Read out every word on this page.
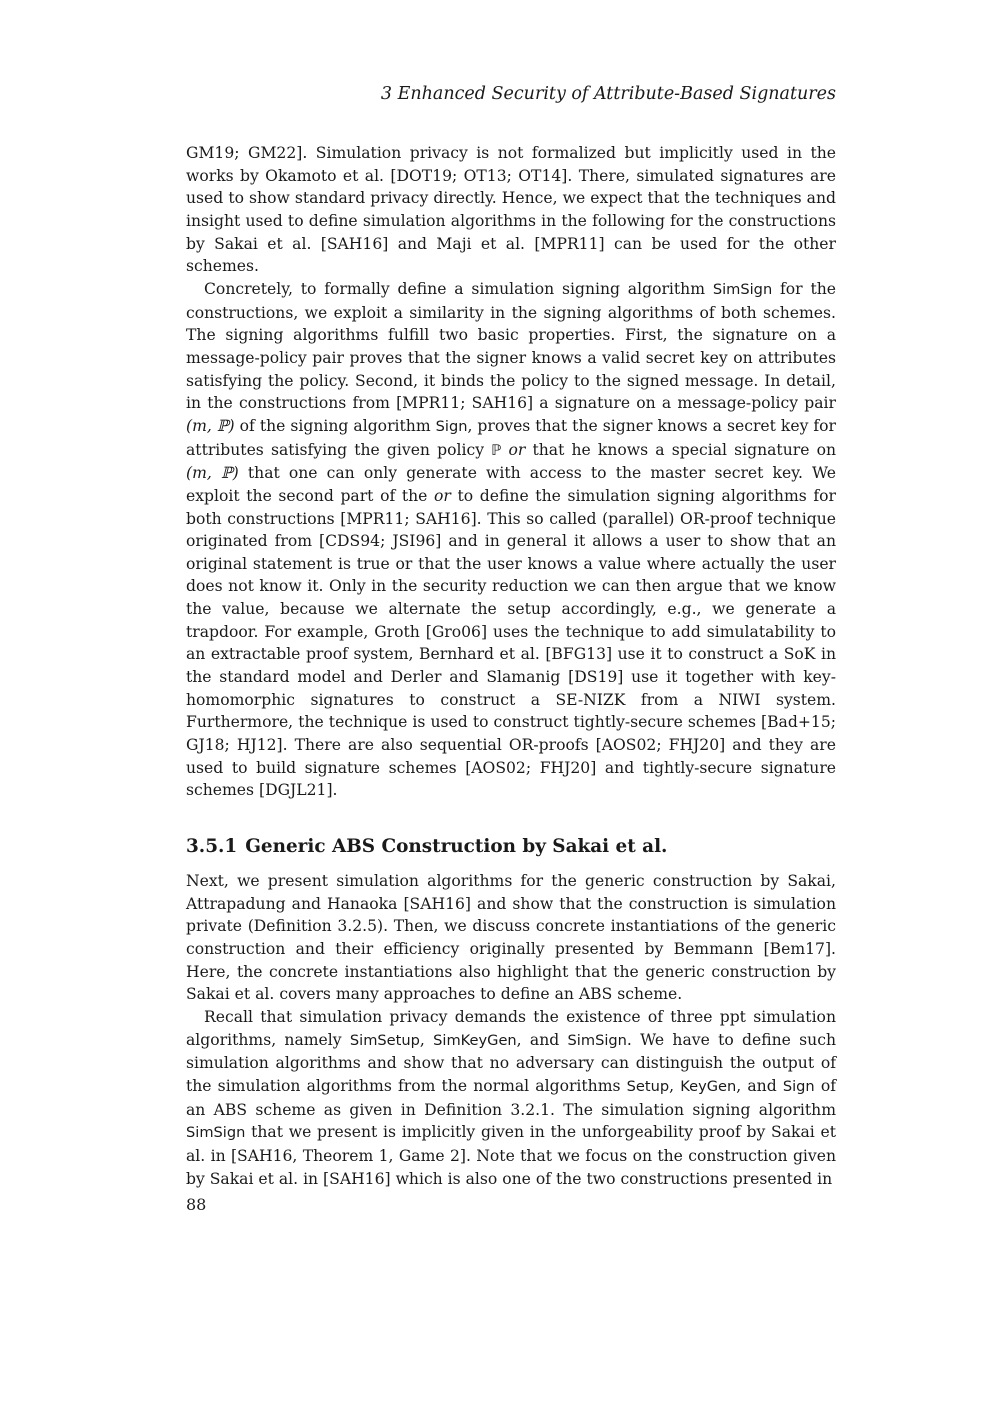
3 Enhanced Security of Attribute-Based Signatures

GM19; GM22]. Simulation privacy is not formalized but implicitly used in the works by Okamoto et al. [DOT19; OT13; OT14]. There, simulated signatures are used to show standard privacy directly. Hence, we expect that the techniques and insight used to define simulation algorithms in the following for the constructions by Sakai et al. [SAH16] and Maji et al. [MPR11] can be used for the other schemes.

Concretely, to formally define a simulation signing algorithm SimSign for the constructions, we exploit a similarity in the signing algorithms of both schemes. The signing algorithms fulfill two basic properties. First, the signature on a message-policy pair proves that the signer knows a valid secret key on attributes satisfying the policy. Second, it binds the policy to the signed message. In detail, in the constructions from [MPR11; SAH16] a signature on a message-policy pair (m, ℙ) of the signing algorithm Sign, proves that the signer knows a secret key for attributes satisfying the given policy ℙ or that he knows a special signature on (m, ℙ) that one can only generate with access to the master secret key. We exploit the second part of the or to define the simulation signing algorithms for both constructions [MPR11; SAH16]. This so called (parallel) OR-proof technique originated from [CDS94; JSI96] and in general it allows a user to show that an original statement is true or that the user knows a value where actually the user does not know it. Only in the security reduction we can then argue that we know the value, because we alternate the setup accordingly, e.g., we generate a trapdoor. For example, Groth [Gro06] uses the technique to add simulatability to an extractable proof system, Bernhard et al. [BFG13] use it to construct a SoK in the standard model and Derler and Slamanig [DS19] use it together with key-homomorphic signatures to construct a SE-NIZK from a NIWI system. Furthermore, the technique is used to construct tightly-secure schemes [Bad+15; GJ18; HJ12]. There are also sequential OR-proofs [AOS02; FHJ20] and they are used to build signature schemes [AOS02; FHJ20] and tightly-secure signature schemes [DGJL21].

3.5.1 Generic ABS Construction by Sakai et al.

Next, we present simulation algorithms for the generic construction by Sakai, Attrapadung and Hanaoka [SAH16] and show that the construction is simulation private (Definition 3.2.5). Then, we discuss concrete instantiations of the generic construction and their efficiency originally presented by Bemmann [Bem17]. Here, the concrete instantiations also highlight that the generic construction by Sakai et al. covers many approaches to define an ABS scheme.

Recall that simulation privacy demands the existence of three ppt simulation algorithms, namely SimSetup, SimKeyGen, and SimSign. We have to define such simulation algorithms and show that no adversary can distinguish the output of the simulation algorithms from the normal algorithms Setup, KeyGen, and Sign of an ABS scheme as given in Definition 3.2.1. The simulation signing algorithm SimSign that we present is implicitly given in the unforgeability proof by Sakai et al. in [SAH16, Theorem 1, Game 2]. Note that we focus on the construction given by Sakai et al. in [SAH16] which is also one of the two constructions presented in

88
